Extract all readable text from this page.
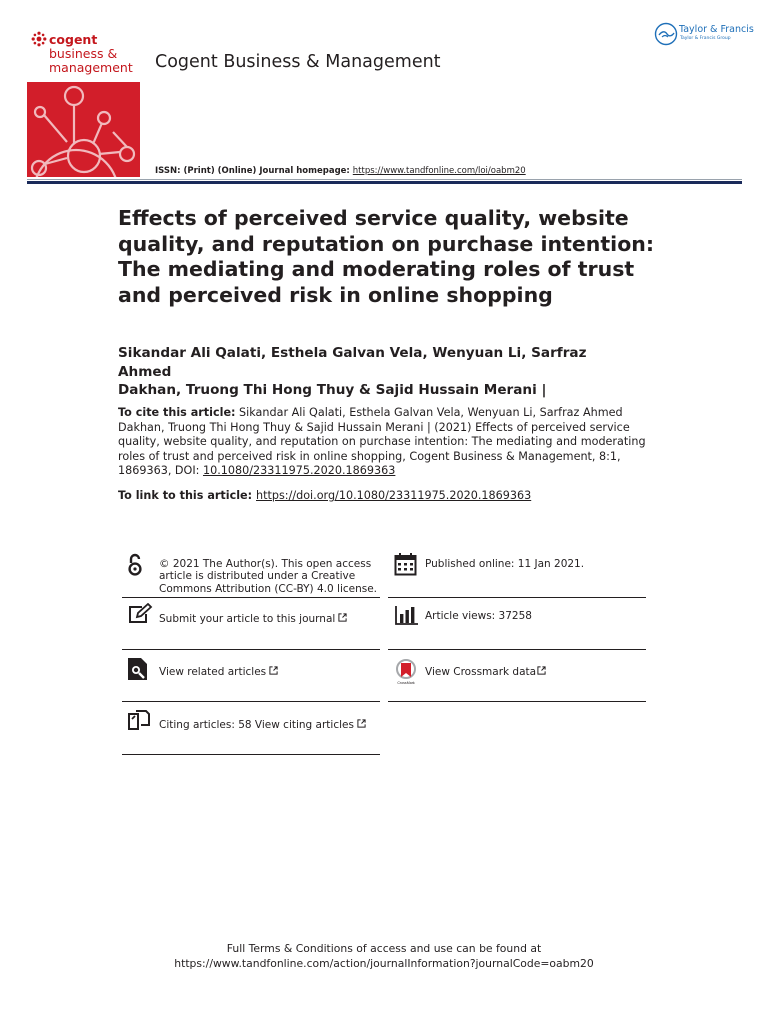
cogent
business &
management Cogent Business & Management
Taylor & Francis
Taylor & Francis Group
ISSN: (Print) (Online) Journal homepage: https://www.tandfonline.com/loi/oabm20
Effects of perceived service quality, website quality, and reputation on purchase intention: The mediating and moderating roles of trust and perceived risk in online shopping
Sikandar Ali Qalati, Esthela Galvan Vela, Wenyuan Li, Sarfraz Ahmed
Dakhan, Truong Thi Hong Thuy & Sajid Hussain Merani |
To cite this article: Sikandar Ali Qalati, Esthela Galvan Vela, Wenyuan Li, Sarfraz Ahmed Dakhan, Truong Thi Hong Thuy & Sajid Hussain Merani | (2021) Effects of perceived service quality, website quality, and reputation on purchase intention: The mediating and moderating roles of trust and perceived risk in online shopping, Cogent Business & Management, 8:1, 1869363, DOI: 10.1080/23311975.2020.1869363
To link to this article: https://doi.org/10.1080/23311975.2020.1869363
© 2021 The Author(s). This open access
article is distributed under a Creative
Commons Attribution (CC-BY) 4.0 license.
Submit your article to this journal
View related articles
Citing articles: 58 View citing articles
Published online: 11 Jan 2021.
Article views: 37258
CrossMark
View Crossmark data
Full Terms & Conditions of access and use can be found at
https://www.tandfonline.com/action/journalInformation?journalCode=oabm20
